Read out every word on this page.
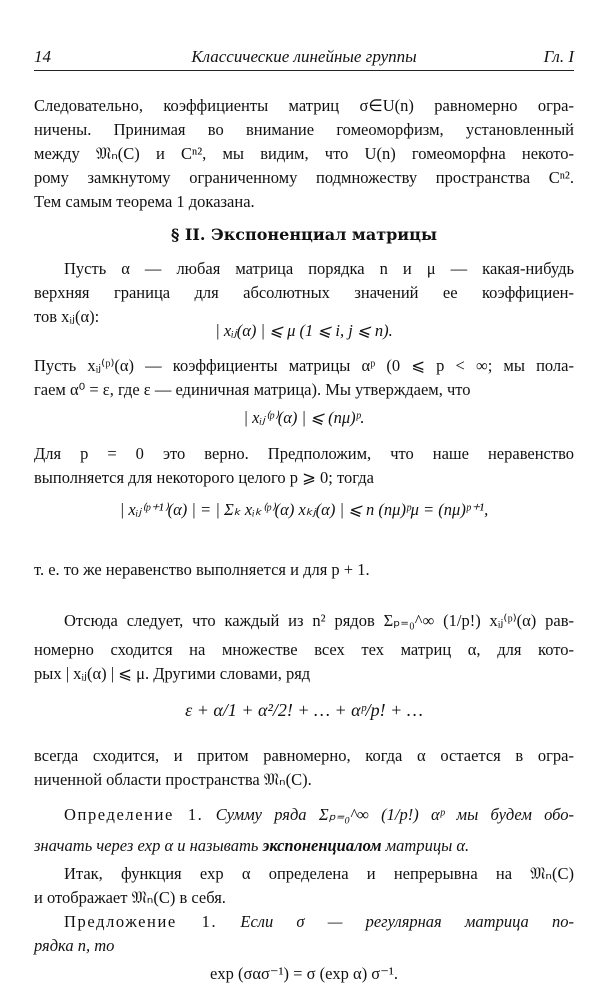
14	Классические линейные группы	Гл. I
Следовательно, коэффициенты матриц σ∈U(n) равномерно огра-
ничены. Принимая во внимание гомеоморфизм, установленный
между 𝔐ₙ(C) и Cⁿ², мы видим, что U(n) гомеоморфна некото-
рому замкнутому ограниченному подмножеству пространства Cⁿ².
Тем самым теорема 1 доказана.
§ II. Экспоненциал матрицы
Пусть α — любая матрица порядка n и μ — какая-нибудь
верхняя граница для абсолютных значений ее коэффициен-
тов xᵢⱼ(α):
| xᵢⱼ(α) | ⩽ μ (1 ⩽ i, j ⩽ n).
Пусть xᵢⱼ⁽ᵖ⁾(α) — коэффициенты матрицы αᵖ (0 ⩽ p < ∞; мы пола-
гаем α⁰ = ε, где ε — единичная матрица). Мы утверждаем, что
| xᵢⱼ⁽ᵖ⁾(α) | ⩽ (nμ)ᵖ.
Для p = 0 это верно. Предположим, что наше неравенство
выполняется для некоторого целого p ⩾ 0; тогда
| xᵢⱼ⁽ᵖ⁺¹⁾(α) | = | Σₖ xᵢₖ⁽ᵖ⁾(α) xₖⱼ(α) | ⩽ n (nμ)ᵖμ = (nμ)ᵖ⁺¹,
т. е. то же неравенство выполняется и для p + 1.
Отсюда следует, что каждый из n² рядов Σₚ₌₀^∞ (1/p!) xᵢⱼ⁽ᵖ⁾(α) рав-
номерно сходится на множестве всех тех матриц α, для кото-
рых | xᵢⱼ(α) | ⩽ μ. Другими словами, ряд
ε + α/1 + α²/2! + … + αᵖ/p! + …
всегда сходится, и притом равномерно, когда α остается в огра-
ниченной области пространства 𝔐ₙ(C).
Определение 1. Сумму ряда Σₚ₌₀^∞ (1/p!) αᵖ мы будем обо-
значать через exp α и называть экспоненциалом матрицы α.
Итак, функция exp α определена и непрерывна на 𝔐ₙ(C)
и отображает 𝔐ₙ(C) в себя.
Предложение 1. Если σ — регулярная матрица по-
рядка n, то
exp (σασ⁻¹) = σ (exp α) σ⁻¹.
